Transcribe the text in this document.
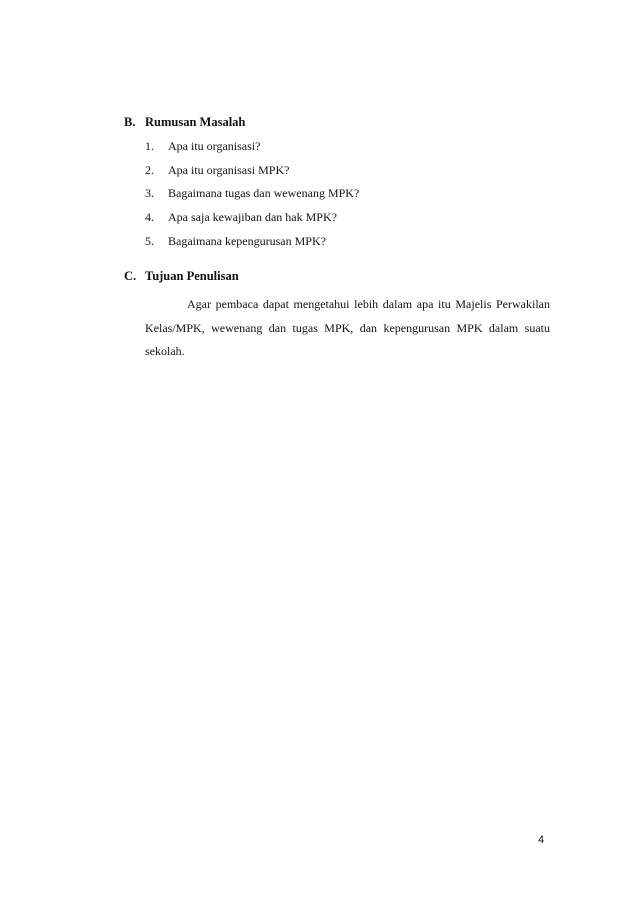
B. Rumusan Masalah
1.	Apa itu organisasi?
2.	Apa itu organisasi MPK?
3.	Bagaimana tugas dan wewenang MPK?
4.	Apa saja kewajiban dan hak MPK?
5.	Bagaimana kepengurusan MPK?
C. Tujuan Penulisan

Agar pembaca dapat mengetahui lebih dalam apa itu Majelis Perwakilan Kelas/MPK, wewenang dan tugas MPK, dan kepengurusan MPK dalam suatu sekolah.

4
